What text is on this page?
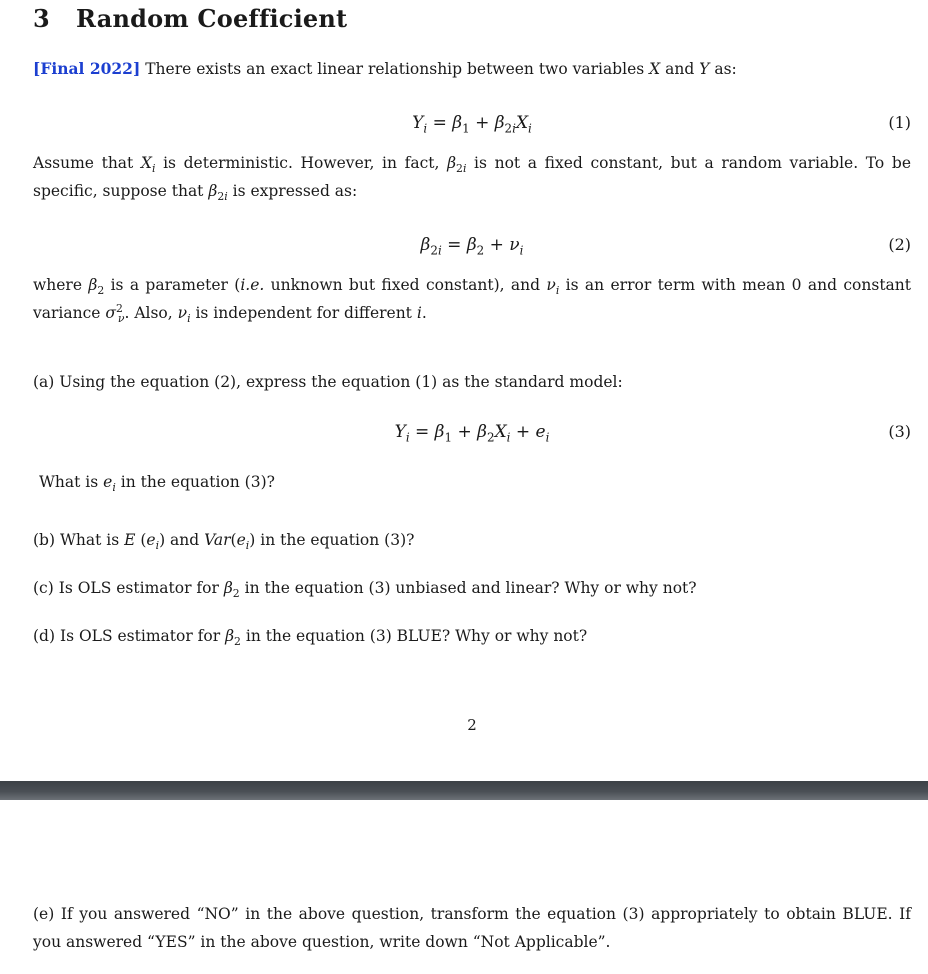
3 Random Coefficient
[Final 2022] There exists an exact linear relationship between two variables X and Y as:
$Y_i = \beta_1 + \beta_{2i}X_i$	(1)
Assume that $X_i$ is deterministic. However, in fact, $\beta_{2i}$ is not a fixed constant, but a random variable. To be specific, suppose that $\beta_{2i}$ is expressed as:
$\beta_{2i} = \beta_2 + \nu_i$	(2)
where $\beta_2$ is a parameter (i.e. unknown but fixed constant), and $\nu_i$ is an error term with mean 0 and constant variance $\sigma^2_\nu$. Also, $\nu_i$ is independent for different i.
(a) Using the equation (2), express the equation (1) as the standard model:
$Y_i = \beta_1 + \beta_2X_i + e_i$	(3)
What is $e_i$ in the equation (3)?
(b) What is E $(e_i)$ and $Var(e_i)$ in the equation (3)?
(c) Is OLS estimator for $\beta_2$ in the equation (3) unbiased and linear? Why or why not?
(d) Is OLS estimator for $\beta_2$ in the equation (3) BLUE? Why or why not?
2
(e) If you answered “NO” in the above question, transform the equation (3) appropriately to obtain BLUE. If you answered “YES” in the above question, write down “Not Applicable”.
